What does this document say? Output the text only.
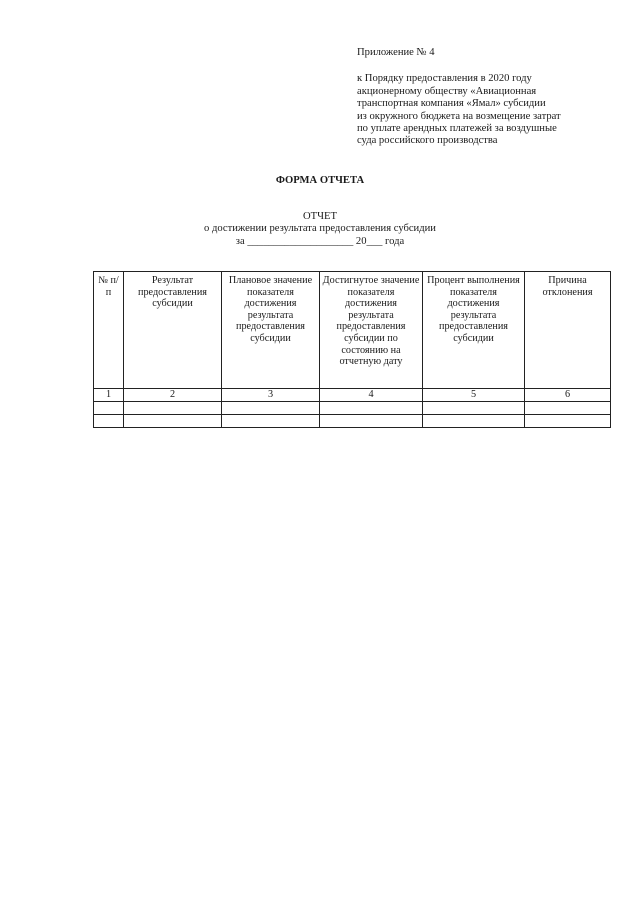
Приложение № 4
к Порядку предоставления в 2020 году
акционерному обществу «Авиационная
транспортная компания «Ямал» субсидии
из окружного бюджета на возмещение затрат
по уплате арендных платежей за воздушные
суда российского производства
ФОРМА ОТЧЕТА
ОТЧЕТ
о достижении результата предоставления субсидии
за ____________________ 20___ года
№ п/п	Результат предоставления субсидии	Плановое значение показателя достижения результата предоставления субсидии	Достигнутое значение показателя достижения результата предоставления субсидии по состоянию на отчетную дату	Процент выполнения показателя достижения результата предоставления субсидии	Причина отклонения
1	2	3	4	5	6
